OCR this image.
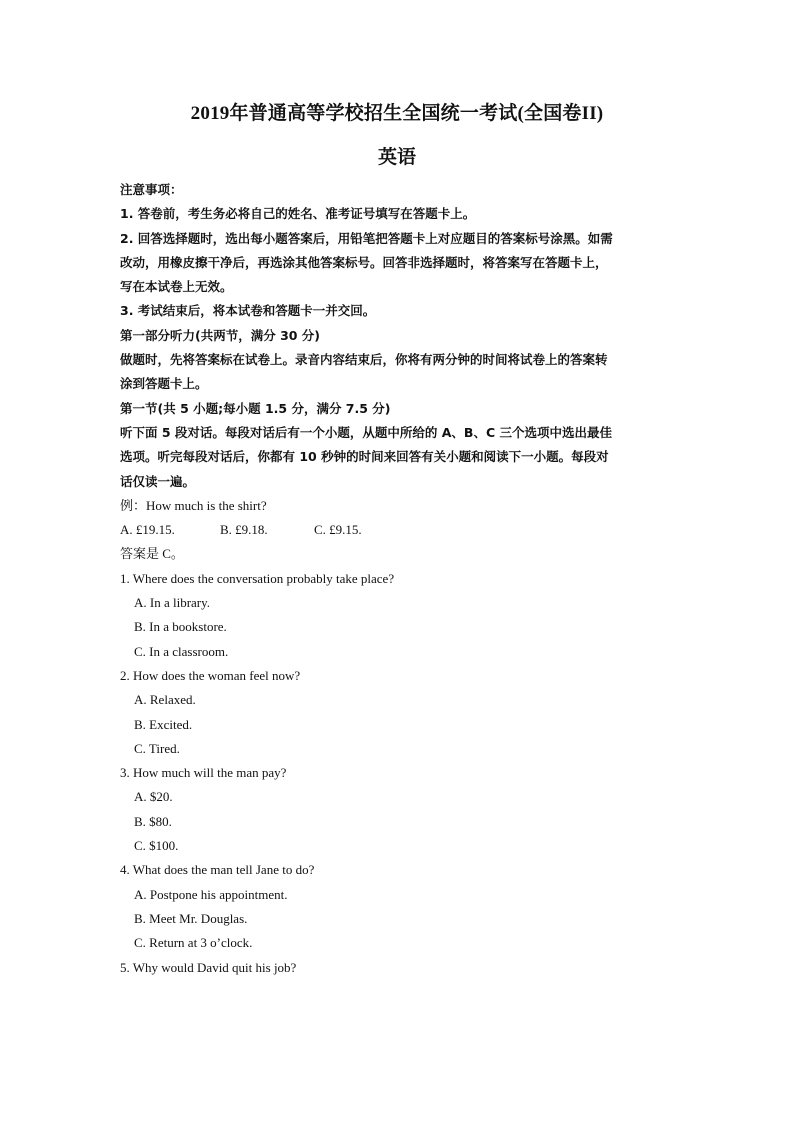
2019年普通高等学校招生全国统一考试(全国卷II)
英语
注意事项：
1. 答卷前，考生务必将自己的姓名、准考证号填写在答题卡上。
2. 回答选择题时，选出每小题答案后，用铅笔把答题卡上对应题目的答案标号涂黑。如需
改动，用橡皮擦干净后，再选涂其他答案标号。回答非选择题时，将答案写在答题卡上，
写在本试卷上无效。
3. 考试结束后，将本试卷和答题卡一并交回。
第一部分听力(共两节，满分 30 分)
做题时，先将答案标在试卷上。录音内容结束后，你将有两分钟的时间将试卷上的答案转
涂到答题卡上。
第一节(共 5 小题;每小题 1.5 分，满分 7.5 分)
听下面 5 段对话。每段对话后有一个小题，从题中所给的 A、B、C 三个选项中选出最佳
选项。听完每段对话后，你都有 10 秒钟的时间来回答有关小题和阅读下一小题。每段对
话仅读一遍。
例：How much is the shirt?
A. £19.15.	B. £9.18.	C. £9.15.
答案是 C。
1. Where does the conversation probably take place?
A. In a library.
B. In a bookstore.
C. In a classroom.
2. How does the woman feel now?
A. Relaxed.
B. Excited.
C. Tired.
3. How much will the man pay?
A. $20.
B. $80.
C. $100.
4. What does the man tell Jane to do?
A. Postpone his appointment.
B. Meet Mr. Douglas.
C. Return at 3 o’clock.
5. Why would David quit his job?
